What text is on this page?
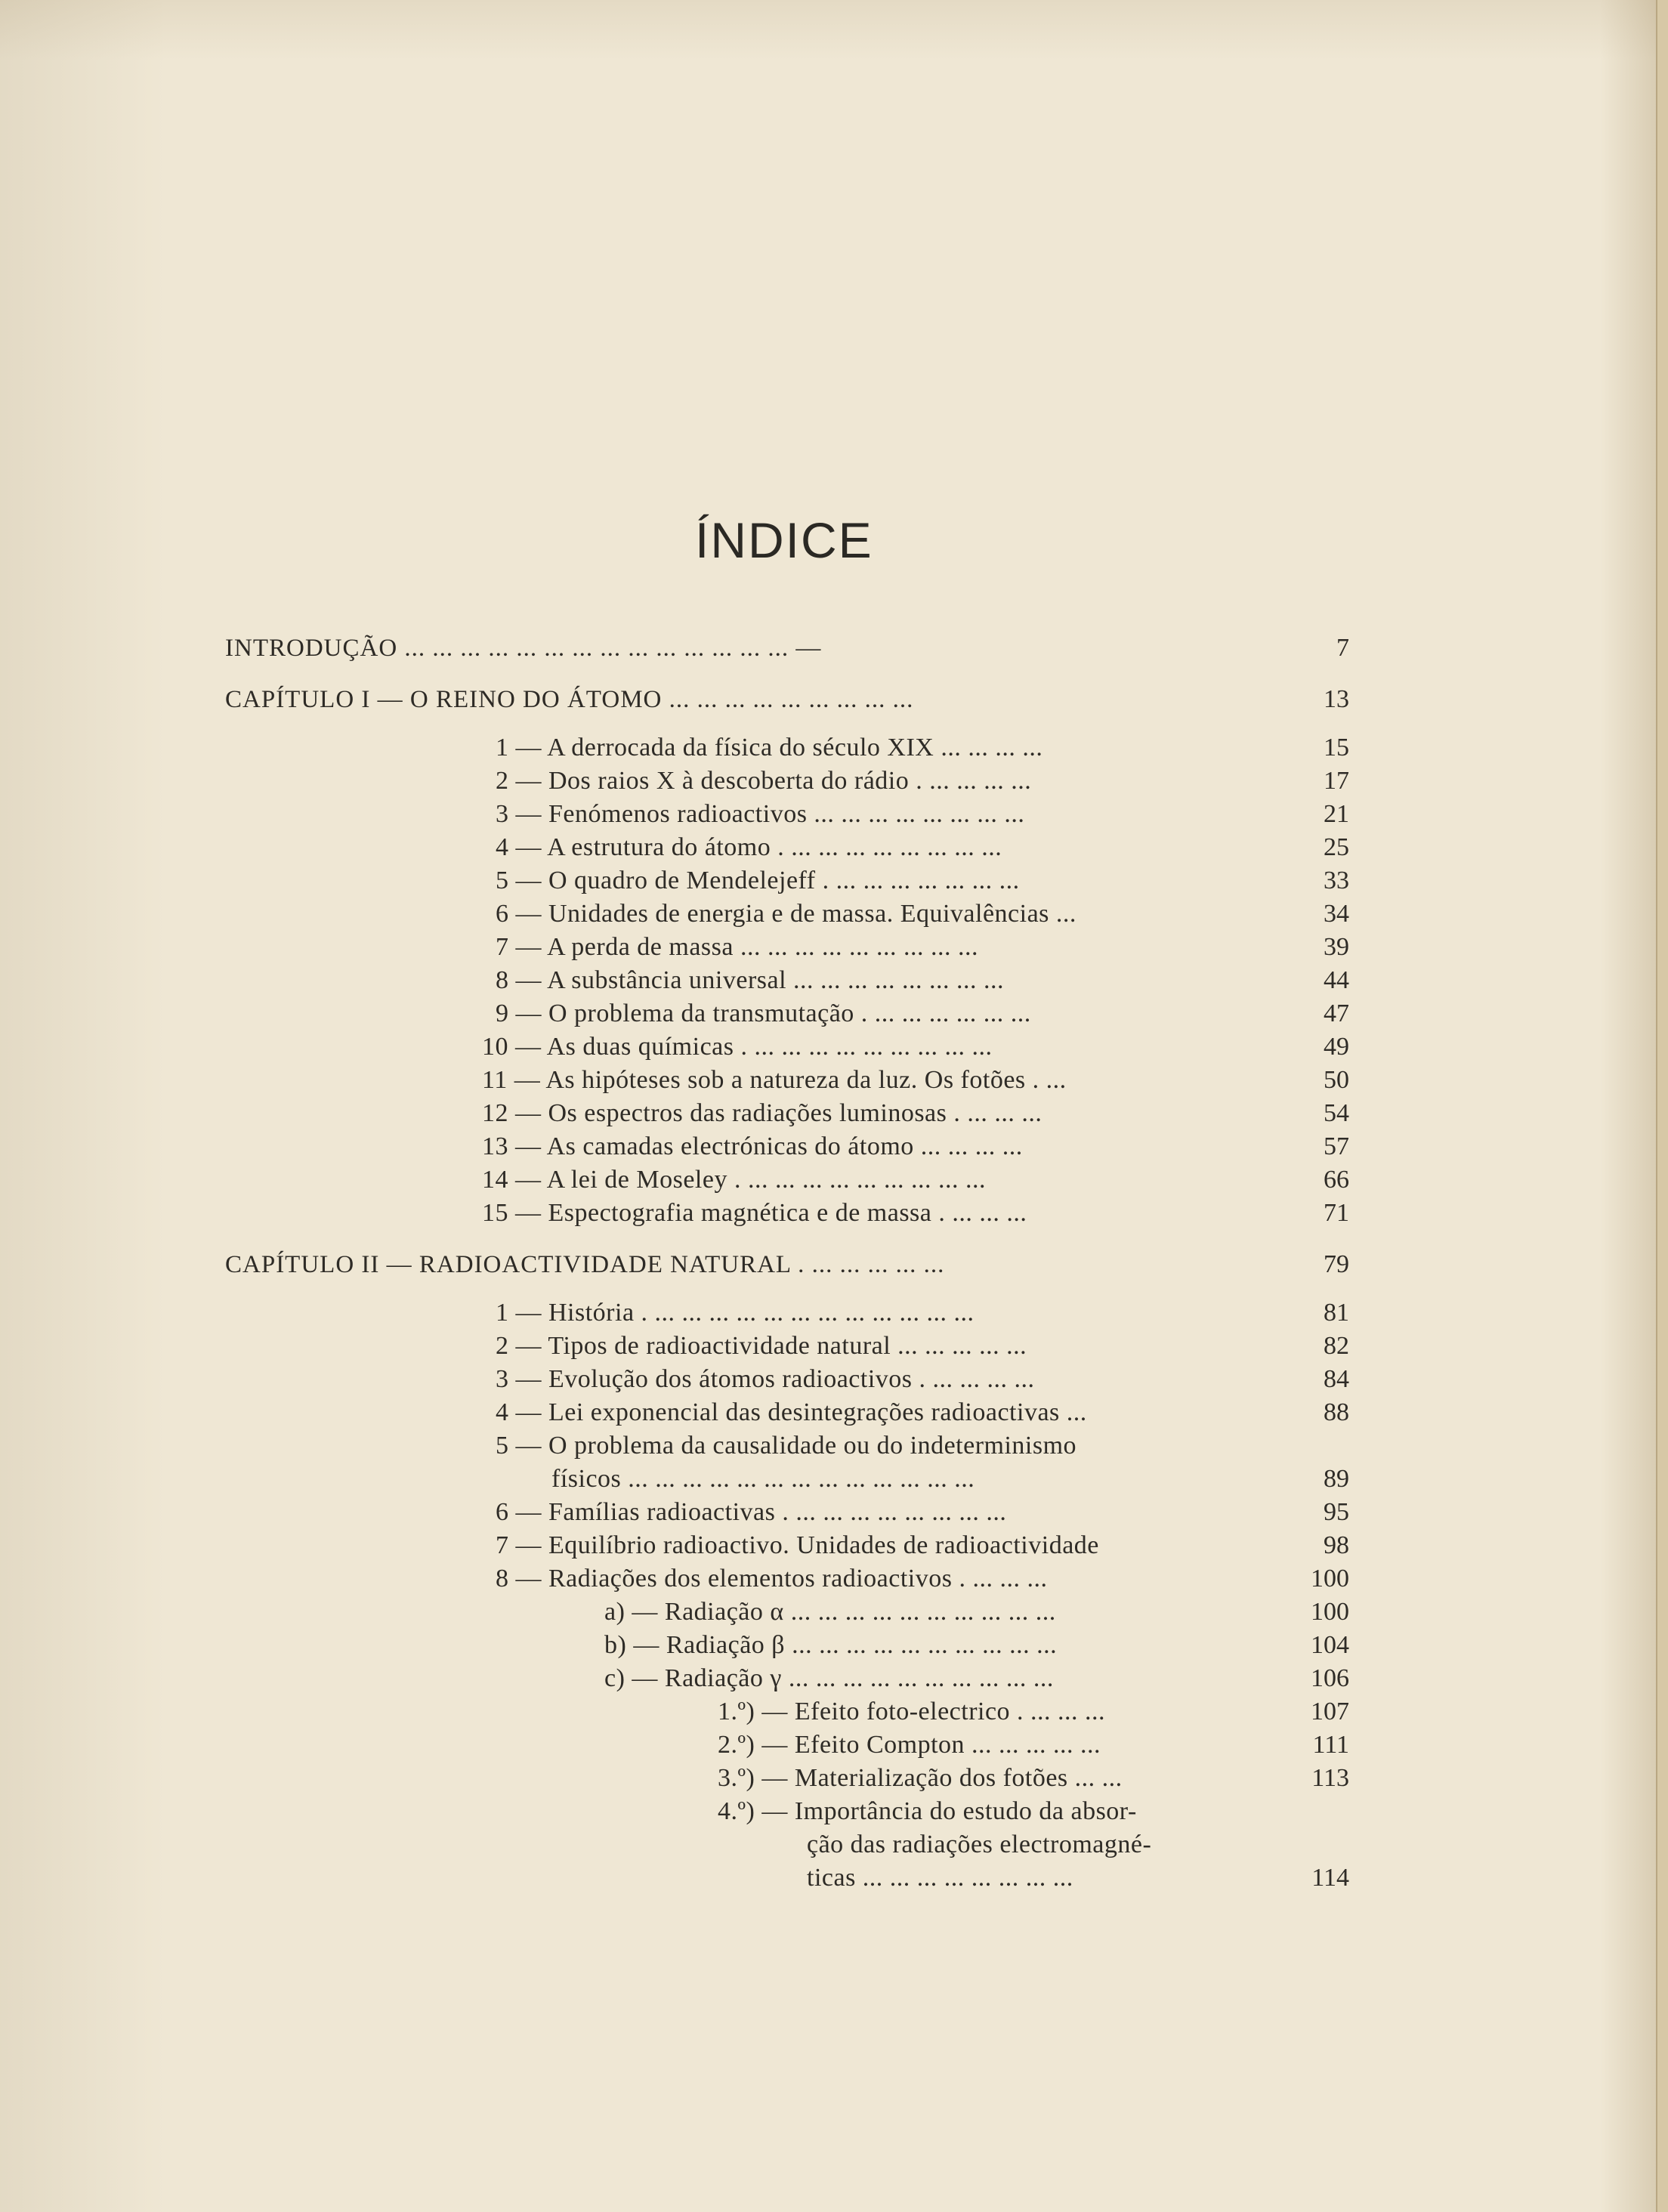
ÍNDICE
INTRODUÇÃO ... ... ... ... ... ... ... ... ... ... ... ... ... ... —	7
CAPÍTULO I — O REINO DO ÁTOMO ... ... ... ... ... ... ... ... ...	13
1 — A derrocada da física do século XIX ... ... ... ...	15
2 — Dos raios X à descoberta do rádio . ... ... ... ...	17
3 — Fenómenos radioactivos ... ... ... ... ... ... ... ...	21
4 — A estrutura do átomo . ... ... ... ... ... ... ... ...	25
5 — O quadro de Mendelejeff . ... ... ... ... ... ... ...	33
6 — Unidades de energia e de massa. Equivalências ...	34
7 — A perda de massa ... ... ... ... ... ... ... ... ...	39
8 — A substância universal ... ... ... ... ... ... ... ...	44
9 — O problema da transmutação . ... ... ... ... ... ...	47
10 — As duas químicas . ... ... ... ... ... ... ... ... ...	49
11 — As hipóteses sob a natureza da luz. Os fotões . ...	50
12 — Os espectros das radiações luminosas . ... ... ...	54
13 — As camadas electrónicas do átomo ... ... ... ...	57
14 — A lei de Moseley . ... ... ... ... ... ... ... ... ...	66
15 — Espectografia magnética e de massa . ... ... ...	71
CAPÍTULO II — RADIOACTIVIDADE NATURAL . ... ... ... ... ...	79
1 — História . ... ... ... ... ... ... ... ... ... ... ... ...	81
2 — Tipos de radioactividade natural ... ... ... ... ...	82
3 — Evolução dos átomos radioactivos . ... ... ... ...	84
4 — Lei exponencial das desintegrações radioactivas ...	88
5 — O problema da causalidade ou do indeterminismo
físicos ... ... ... ... ... ... ... ... ... ... ... ... ...	89
6 — Famílias radioactivas . ... ... ... ... ... ... ... ...	95
7 — Equilíbrio radioactivo. Unidades de radioactividade	98
8 — Radiações dos elementos radioactivos . ... ... ...	100
a) — Radiação α ... ... ... ... ... ... ... ... ... ...	100
b) — Radiação β ... ... ... ... ... ... ... ... ... ...	104
c) — Radiação γ ... ... ... ... ... ... ... ... ... ...	106
1.º) — Efeito foto-electrico . ... ... ...	107
2.º) — Efeito Compton ... ... ... ... ...	111
3.º) — Materialização dos fotões ... ...	113
4.º) — Importância do estudo da absor-
ção das radiações electromagné-
ticas ... ... ... ... ... ... ... ...	114
